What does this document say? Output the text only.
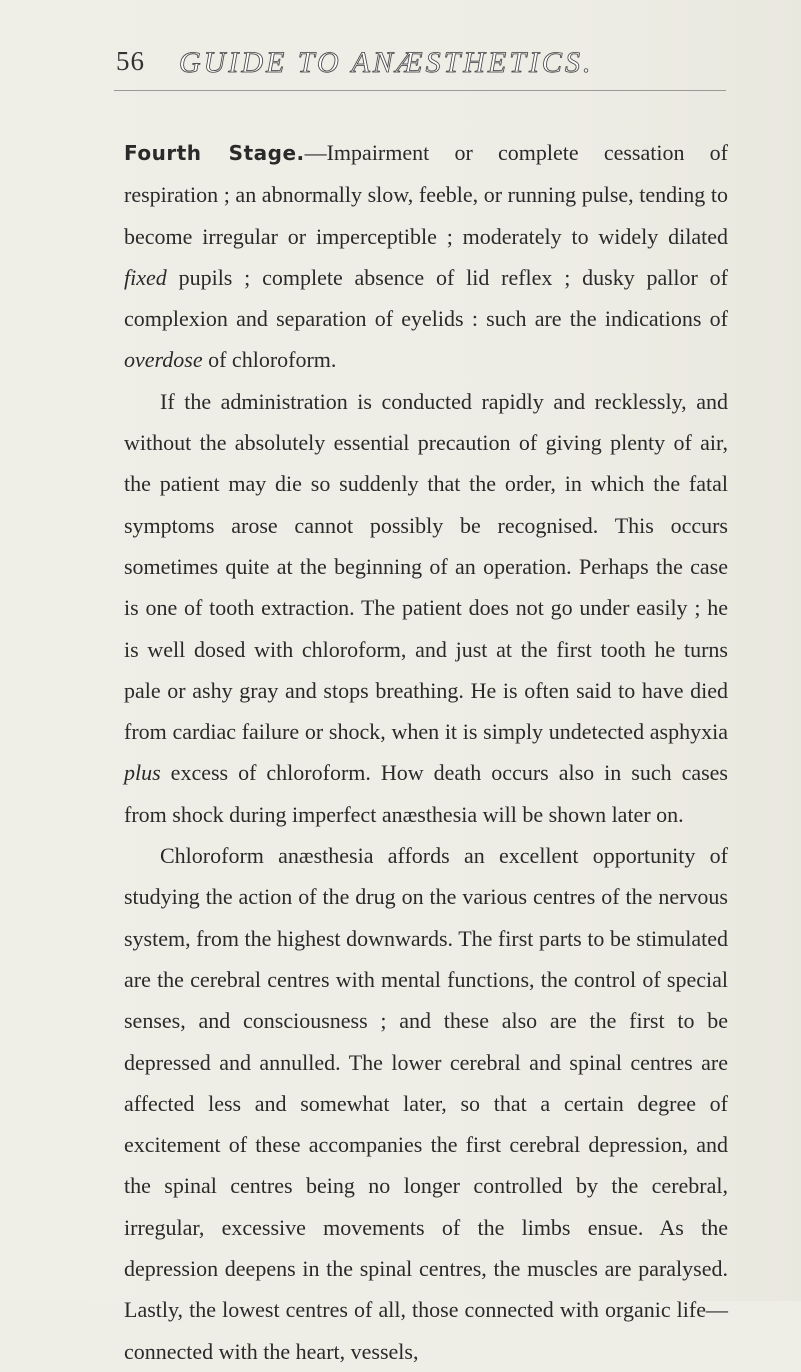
56 GUIDE TO ANÆSTHETICS.

Fourth Stage.—Impairment or complete cessation of respiration ; an abnormally slow, feeble, or running pulse, tending to become irregular or imperceptible ; moderately to widely dilated fixed pupils ; complete absence of lid reflex ; dusky pallor of complexion and separation of eyelids : such are the indications of overdose of chloroform.

If the administration is conducted rapidly and recklessly, and without the absolutely essential precaution of giving plenty of air, the patient may die so suddenly that the order, in which the fatal symptoms arose cannot possibly be recognised. This occurs sometimes quite at the beginning of an operation. Perhaps the case is one of tooth extraction. The patient does not go under easily ; he is well dosed with chloroform, and just at the first tooth he turns pale or ashy gray and stops breathing. He is often said to have died from cardiac failure or shock, when it is simply undetected asphyxia plus excess of chloroform. How death occurs also in such cases from shock during imperfect anæsthesia will be shown later on.

Chloroform anæsthesia affords an excellent opportunity of studying the action of the drug on the various centres of the nervous system, from the highest downwards. The first parts to be stimulated are the cerebral centres with mental functions, the control of special senses, and consciousness ; and these also are the first to be depressed and annulled. The lower cerebral and spinal centres are affected less and somewhat later, so that a certain degree of excitement of these accompanies the first cerebral depression, and the spinal centres being no longer controlled by the cerebral, irregular, excessive movements of the limbs ensue. As the depression deepens in the spinal centres, the muscles are paralysed. Lastly, the lowest centres of all, those connected with organic life—connected with the heart, vessels,
